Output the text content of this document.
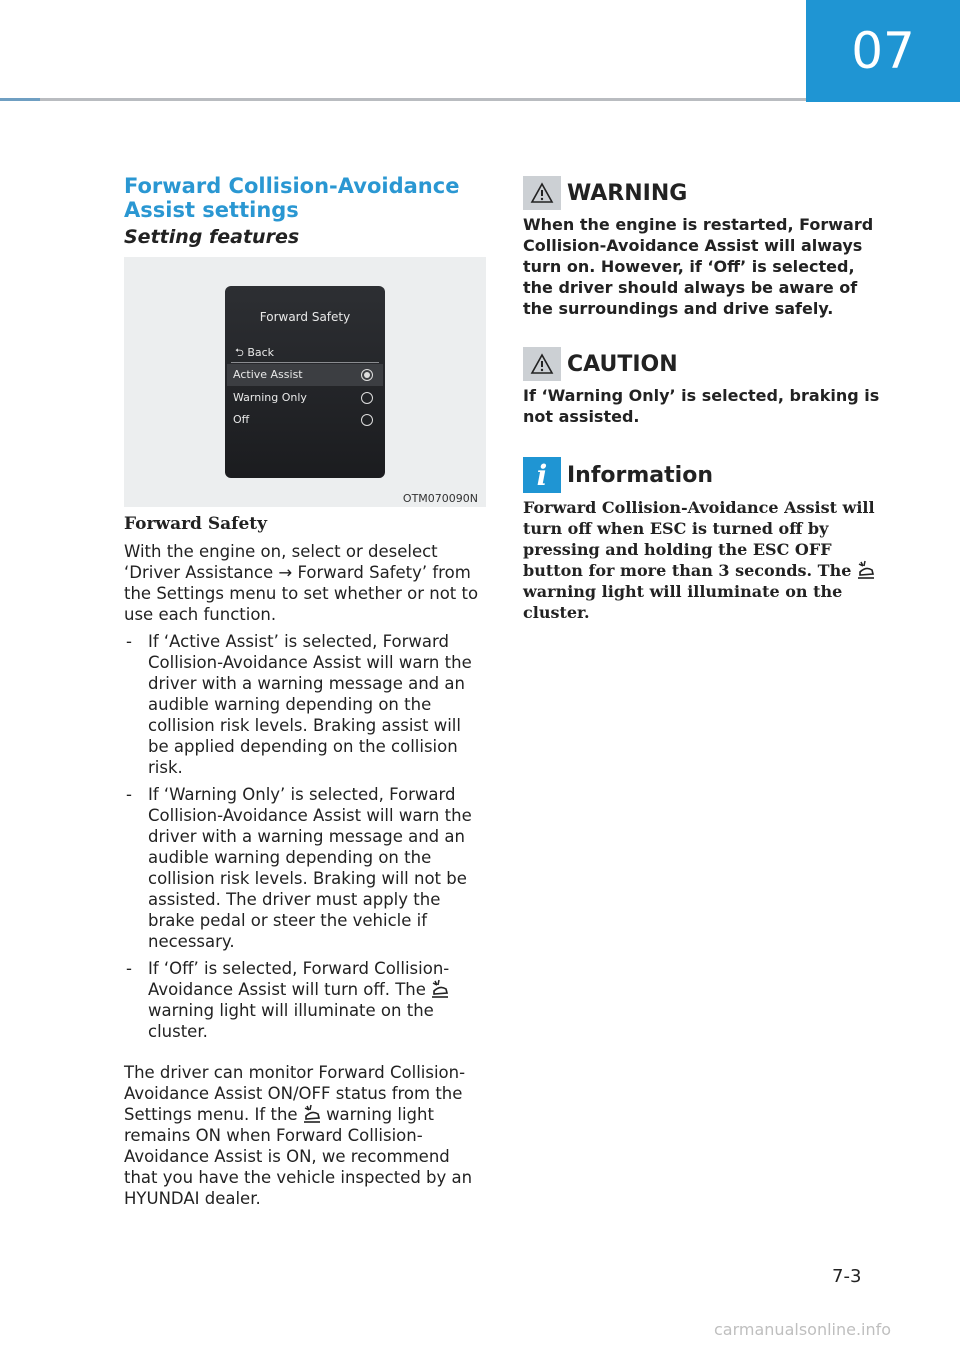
07
Forward Collision-Avoidance Assist settings
Setting features
Forward Safety
⮌ Back
Active Assist
Warning Only
Off
OTM070090N
Forward Safety

With the engine on, select or deselect ‘Driver Assistance → Forward Safety’ from the Settings menu to set whether or not to use each function.

- If ‘Active Assist’ is selected, Forward Collision-Avoidance Assist will warn the driver with a warning message and an audible warning depending on the collision risk levels. Braking assist will be applied depending on the collision risk.
- If ‘Warning Only’ is selected, Forward Collision-Avoidance Assist will warn the driver with a warning message and an audible warning depending on the collision risk levels. Braking will not be assisted. The driver must apply the brake pedal or steer the vehicle if necessary.
- If ‘Off’ is selected, Forward Collision-Avoidance Assist will turn off. The  warning light will illuminate on the cluster.

The driver can monitor Forward Collision-Avoidance Assist ON/OFF status from the Settings menu. If the warning light remains ON when Forward Collision-Avoidance Assist is ON, we recommend that you have the vehicle inspected by an HYUNDAI dealer.

WARNING
When the engine is restarted, Forward Collision-Avoidance Assist will always turn on. However, if ‘Off’ is selected, the driver should always be aware of the surroundings and drive safely.
CAUTION
If ‘Warning Only’ is selected, braking is not assisted.
i Information
Forward Collision-Avoidance Assist will turn off when ESC is turned off by pressing and holding the ESC OFF button for more than 3 seconds. The  warning light will illuminate on the cluster.
7-3
carmanualsonline.info
